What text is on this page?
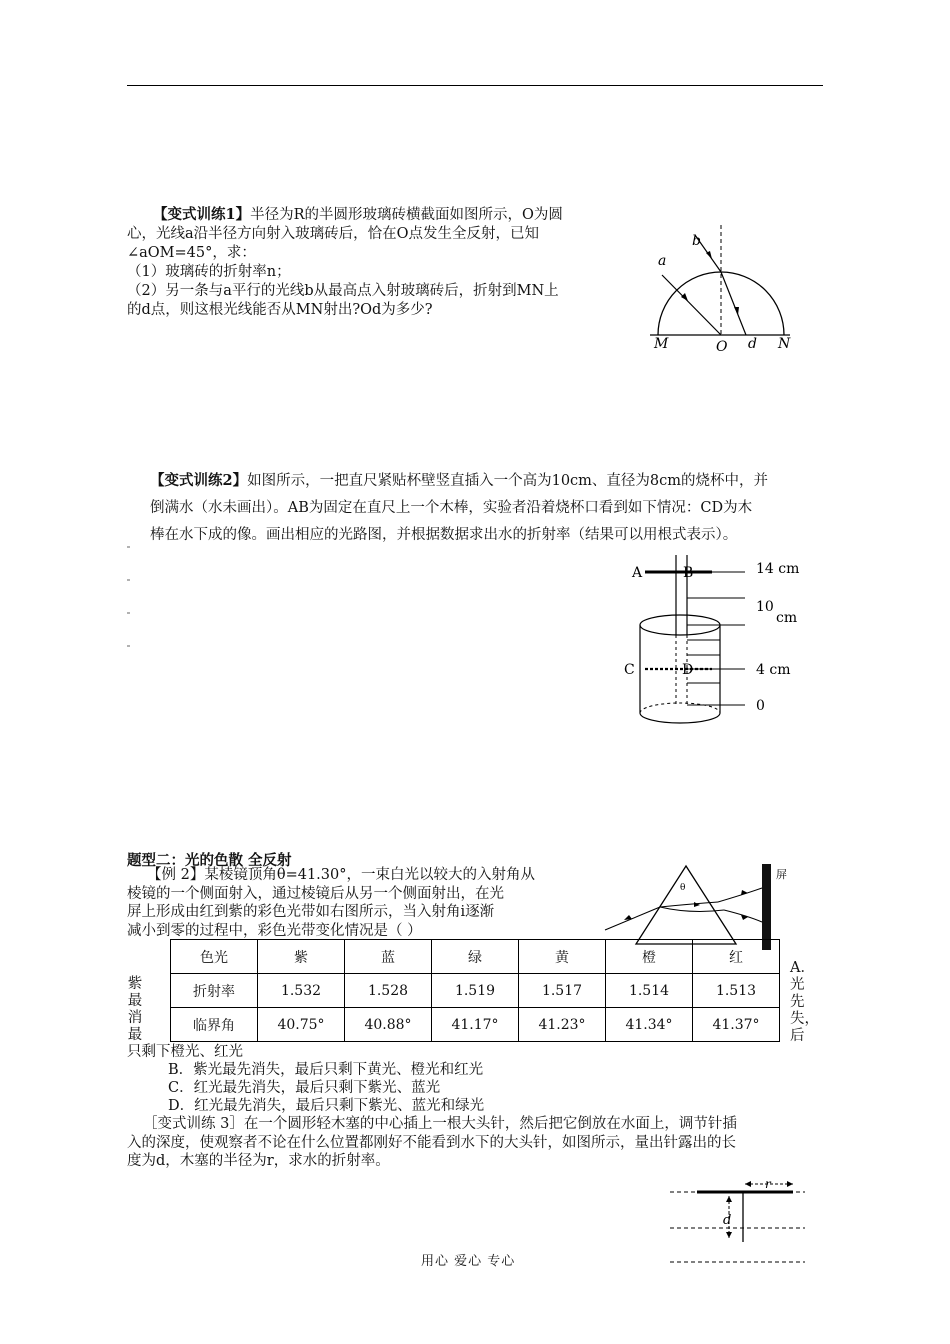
【变式训练1】半径为R的半圆形玻璃砖横截面如图所示，O为圆
心，光线a沿半径方向射入玻璃砖后，恰在O点发生全反射，已知
∠aOM=45°，求：
（1）玻璃砖的折射率n；
（2）另一条与a平行的光线b从最高点入射玻璃砖后，折射到MN上
的d点，则这根光线能否从MN射出?Od为多少?
b
a
M	O d N
【变式训练2】如图所示，一把直尺紧贴杯壁竖直插入一个高为10cm、直径为8cm的烧杯中，并
倒满水（水未画出）。AB为固定在直尺上一个木棒，实验者沿着烧杯口看到如下情况：CD为木
棒在水下成的像。画出相应的光路图，并根据数据求出水的折射率（结果可以用根式表示）。
A	B
C	D
14 cm
10
cm
4 cm
0
题型二：光的色散 全反射
【例 2】某棱镜顶角θ=41.30°，一束白光以较大的入射角从
棱镜的一个侧面射入，通过棱镜后从另一个侧面射出，在光
屏上形成由红到紫的彩色光带如右图所示，当入射角i逐渐
减小到零的过程中，彩色光带变化情况是（ ）
θ
屏
紫
最
消
最
色光	紫	蓝	绿	黄	橙	红
折射率	1.532	1.528	1.519	1.517	1.514	1.513
临界角	40.75°	40.88°	41.17°	41.23°	41.34°	41.37°
A．
光
先
失，
后
只剩下橙光、红光
B．紫光最先消失，最后只剩下黄光、橙光和红光
C．红光最先消失，最后只剩下紫光、蓝光
D．红光最先消失，最后只剩下紫光、蓝光和绿光
［变式训练 3］在一个圆形轻木塞的中心插上一根大头针，然后把它倒放在水面上，调节针插
入的深度，使观察者不论在什么位置都刚好不能看到水下的大头针，如图所示，量出针露出的长
度为d，木塞的半径为r，求水的折射率。
r
d
用心 爱心 专心
